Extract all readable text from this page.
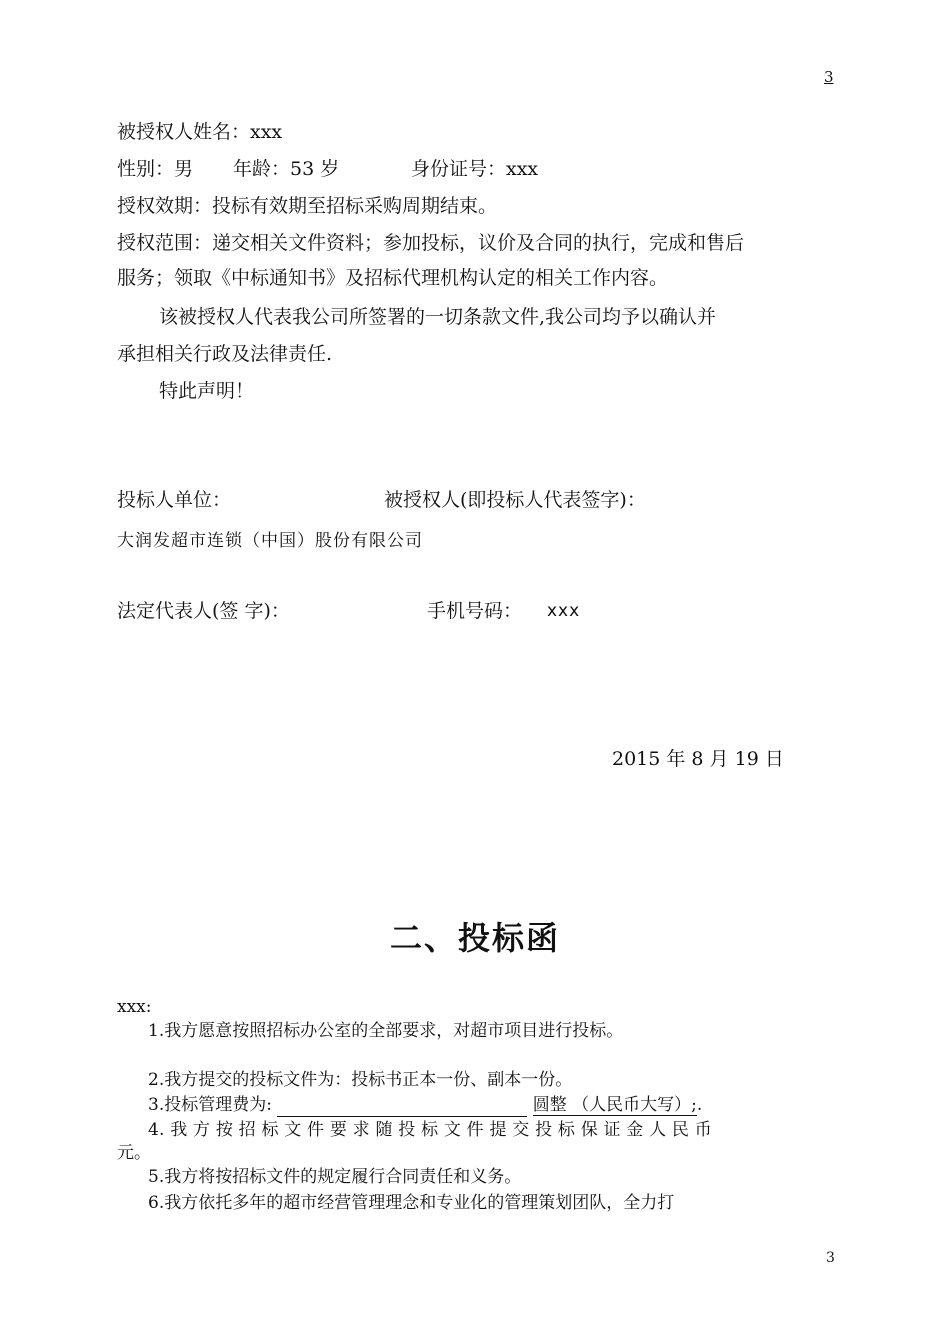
3
被授权人姓名：xxx
性别：男 年龄：53 岁	身份证号：xxx
授权效期：投标有效期至招标采购周期结束。
授权范围：递交相关文件资料；参加投标，议价及合同的执行，完成和售后
服务；领取《中标通知书》及招标代理机构认定的相关工作内容。
该被授权人代表我公司所签署的一切条款文件,我公司均予以确认并
承担相关行政及法律责任.
特此声明！
投标人单位：	被授权人(即投标人代表签字)：
大润发超市连锁（中国）股份有限公司
法定代表人(签 字)：	手机号码： xxx
2015 年 8 月 19 日
二、投标函
xxx:
1.我方愿意按照招标办公室的全部要求，对超市项目进行投标。
2.我方提交的投标文件为：投标书正本一份、副本一份。
3.投标管理费为:	圆整 （人民币大写）;.
4. 我 方 按 招 标 文 件 要 求 随 投 标 文 件 提 交 投 标 保 证 金 人 民 币
元。
5.我方将按招标文件的规定履行合同责任和义务。
6.我方依托多年的超市经营管理理念和专业化的管理策划团队，全力打
3
